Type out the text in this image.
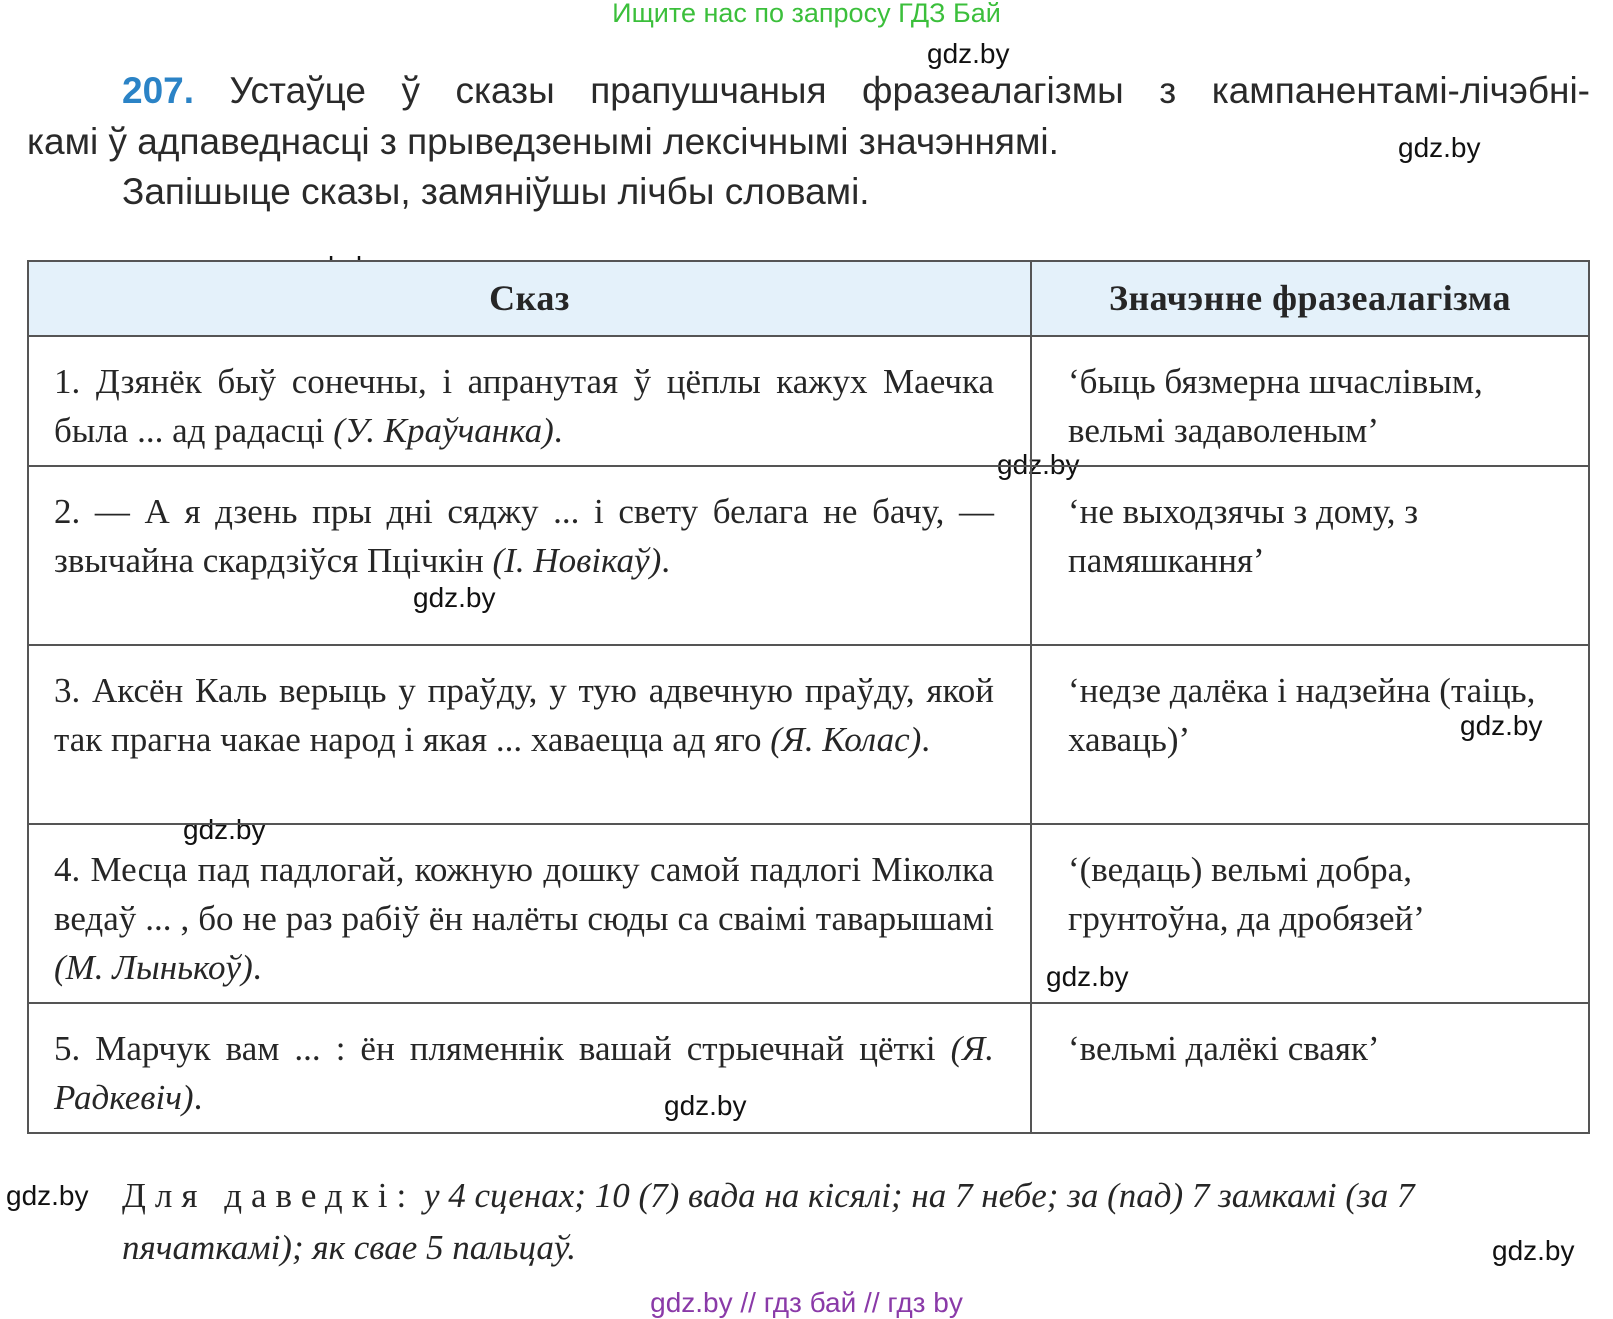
Ищите нас по запросу ГДЗ Бай
gdz.by
gdz.by
gdz.by
gdz.by
gdz.by
gdz.by
gdz.by
gdz.by
gdz.by
gdz.by
207. Устаўце ў сказы прапушчаныя фразеалагізмы з кампанентамі-лічэбні-
камі ў адпаведнасці з прыведзенымі лексічнымі значэннямі.
Запішыце сказы, замяніўшы лічбы словамі.
Сказ	Значэнне фразеалагізма
1. Дзянёк быў сонечны, і апранутая ў цёплы кажух Маечка была ... ад радасці (У. Краўчанка).	‘быць бязмерна шчаслівым, вельмі задаволеным’
2. — А я дзень пры дні сяджу ... і свету белага не бачу, — звычайна скардзіўся Пцічкін (І. Новікаў).	‘не выходзячы з дому, з памяшкання’
3. Аксён Каль верыць у праўду, у тую адвечную праўду, якой так прагна чакае народ і якая ... хаваецца ад яго (Я. Колас).	‘недзе далёка і надзейна (таіць, хаваць)’
4. Месца пад падлогай, кожную дошку самой падлогі Міколка ведаў ... , бо не раз рабіў ён налёты сюды са сваімі таварышамі (М. Лынькоў).	‘(ведаць) вельмі добра, грунтоўна, да дробязей’
5. Марчук вам ... : ён пляменнік вашай стрыечнай цёткі (Я. Радкевіч).	‘вельмі далёкі сваяк’
Для даведкі: у 4 сценах; 10 (7) вада на кісялі; на 7 небе; за (пад) 7 замкамі (за 7 пячаткамі); як свае 5 пальцаў.
gdz.by // гдз бай // гдз by
